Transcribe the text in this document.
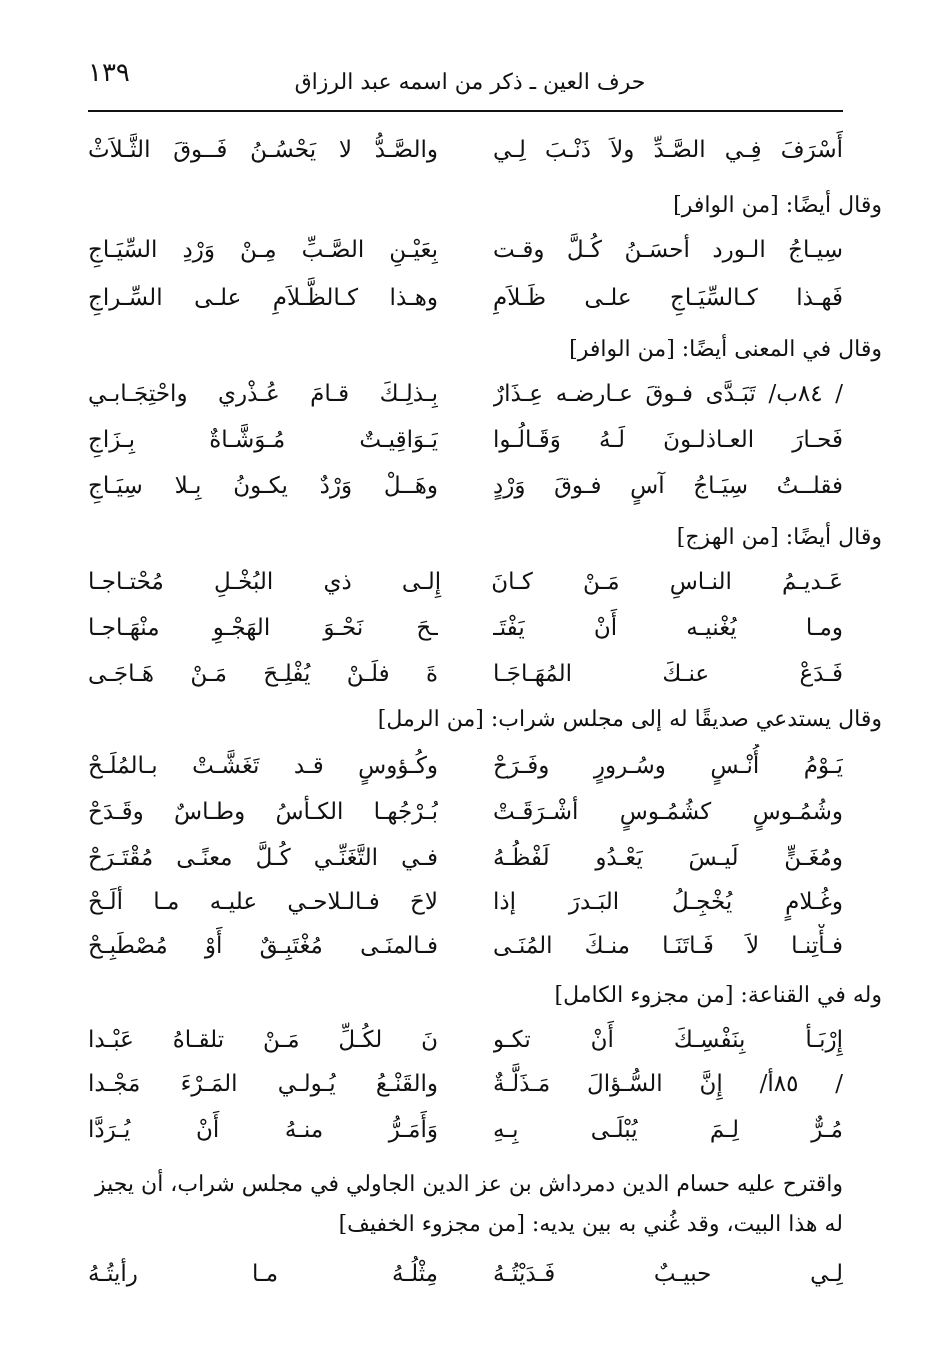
١٣٩	حرف العين ـ ذكر من اسمه عبد الرزاق
أَسْرَفَ فِـي الصَّـدِّ ولاَ ذَنْـبَ لِـي
والصَّـدُّ لا يَحْسُـنُ فَــوقَ الثَّـلاَثْ
وقال أيضًا: [من الوافر]
سِيـاجُ الـورد أحسَـنُ كُـلَّ وقـت
بِعَيْـنِ الصَّـبِّ مِـنْ وَرْدِ السِّيَـاجِ
فَهـذا كـالسِّيَـاجِ علـى ظَـلاَمِ
وهـذا كـالظَّـلاَمِ علـى السِّـراجِ
وقال في المعنى أيضًا: [من الوافر]
/ ٨٤ب/ تَبَـدَّى فـوقَ عـارضـه عِـذَارٌ
بِـذلِـكَ قـامَ عُـذْري واحْتِجَـابـي
فَحـارَ العـاذلـونَ لَـهُ وَقَـالُـوا
يَـوَاقِيـتٌ مُـوَشَّـاةٌ بِـزَاجِ
فقلــتُ سِيَـاجُ آسٍ فـوقَ وَرْدٍ
وهَــلْ وَرْدٌ يكـونُ بِـلا سِيَـاجِ
وقال أيضًا: [من الهزج]
عَـديـمُ النـاسِ مَـنْ كـانَ إِلـى ذي البُخْـلِ مُحْتـاجـا
ومـا يُغْنيـه أَنْ يَفْتَـ
ـحَ نَحْـوَ الهَجْـوِ منْهَـاجـا
فَـدَعْ عنـكَ المُهَـاجَـا
ةَ فلَـنْ يُفْلِـحَ مَـنْ هَـاجَـى
وقال يستدعي صديقًا له إلى مجلس شراب: [من الرمل]
يَـوْمُ أُنْـسٍ وسُـرورٍ وفَـرَحْ
وكُـؤوسٍ قـد تَغَشَّـتْ بـالمُلَـحْ
وشُمُـوسٍ كشُمُـوسٍ أشْـرَقَـتْ
بُـرْجُهـا الكـأسُ وطـاسٌ وقَـدَحْ
ومُغَـنٍّ لَيـسَ يَعْـدُو لَفْظُـهُ
فـي التَّغَنِّـي كُـلَّ معنًـى مُقْتَـرَحْ
وغُـلامٍ يُخْجِـلُ البَـدرَ إذا
لاحَ فـالـلاحـي عليـه مـا ألَـحْ
فـأْتِنـا لاَ فَـاتَنَـا منـكَ المُنَـى
فـالمنَـى مُغْتَبِـقٌ أَوْ مُصْطَبِـحْ
وله في القناعة: [من مجزوء الكامل]
إِرْبَـأ بِنَفْسِـكَ أَنْ تكـو
نَ لكُـلِّ مَـنْ تلقـاهُ عَبْـدا
/ ٨٥أ/ إِنَّ السُّـؤالَ مَـذَلَّـةٌ
والقَنْـعُ يُـولـي المَـرْءَ مَجْـدا
مُـرٌّ لِـمَ يُبْلَـى بِـهِ
وَأَمَـرُّ منـهُ أَنْ يُـرَدَّا
واقترح عليه حسام الدين دمرداش بن عز الدين الجاولي في مجلس شراب، أن يجيز
له هذا البيت، وقد غُني به بين يديه: [من مجزوء الخفيف]
لِـي حبيـبٌ فَـدَيْتُـهُ
مِثْلُـهُ مـا رأيتُـهُ
